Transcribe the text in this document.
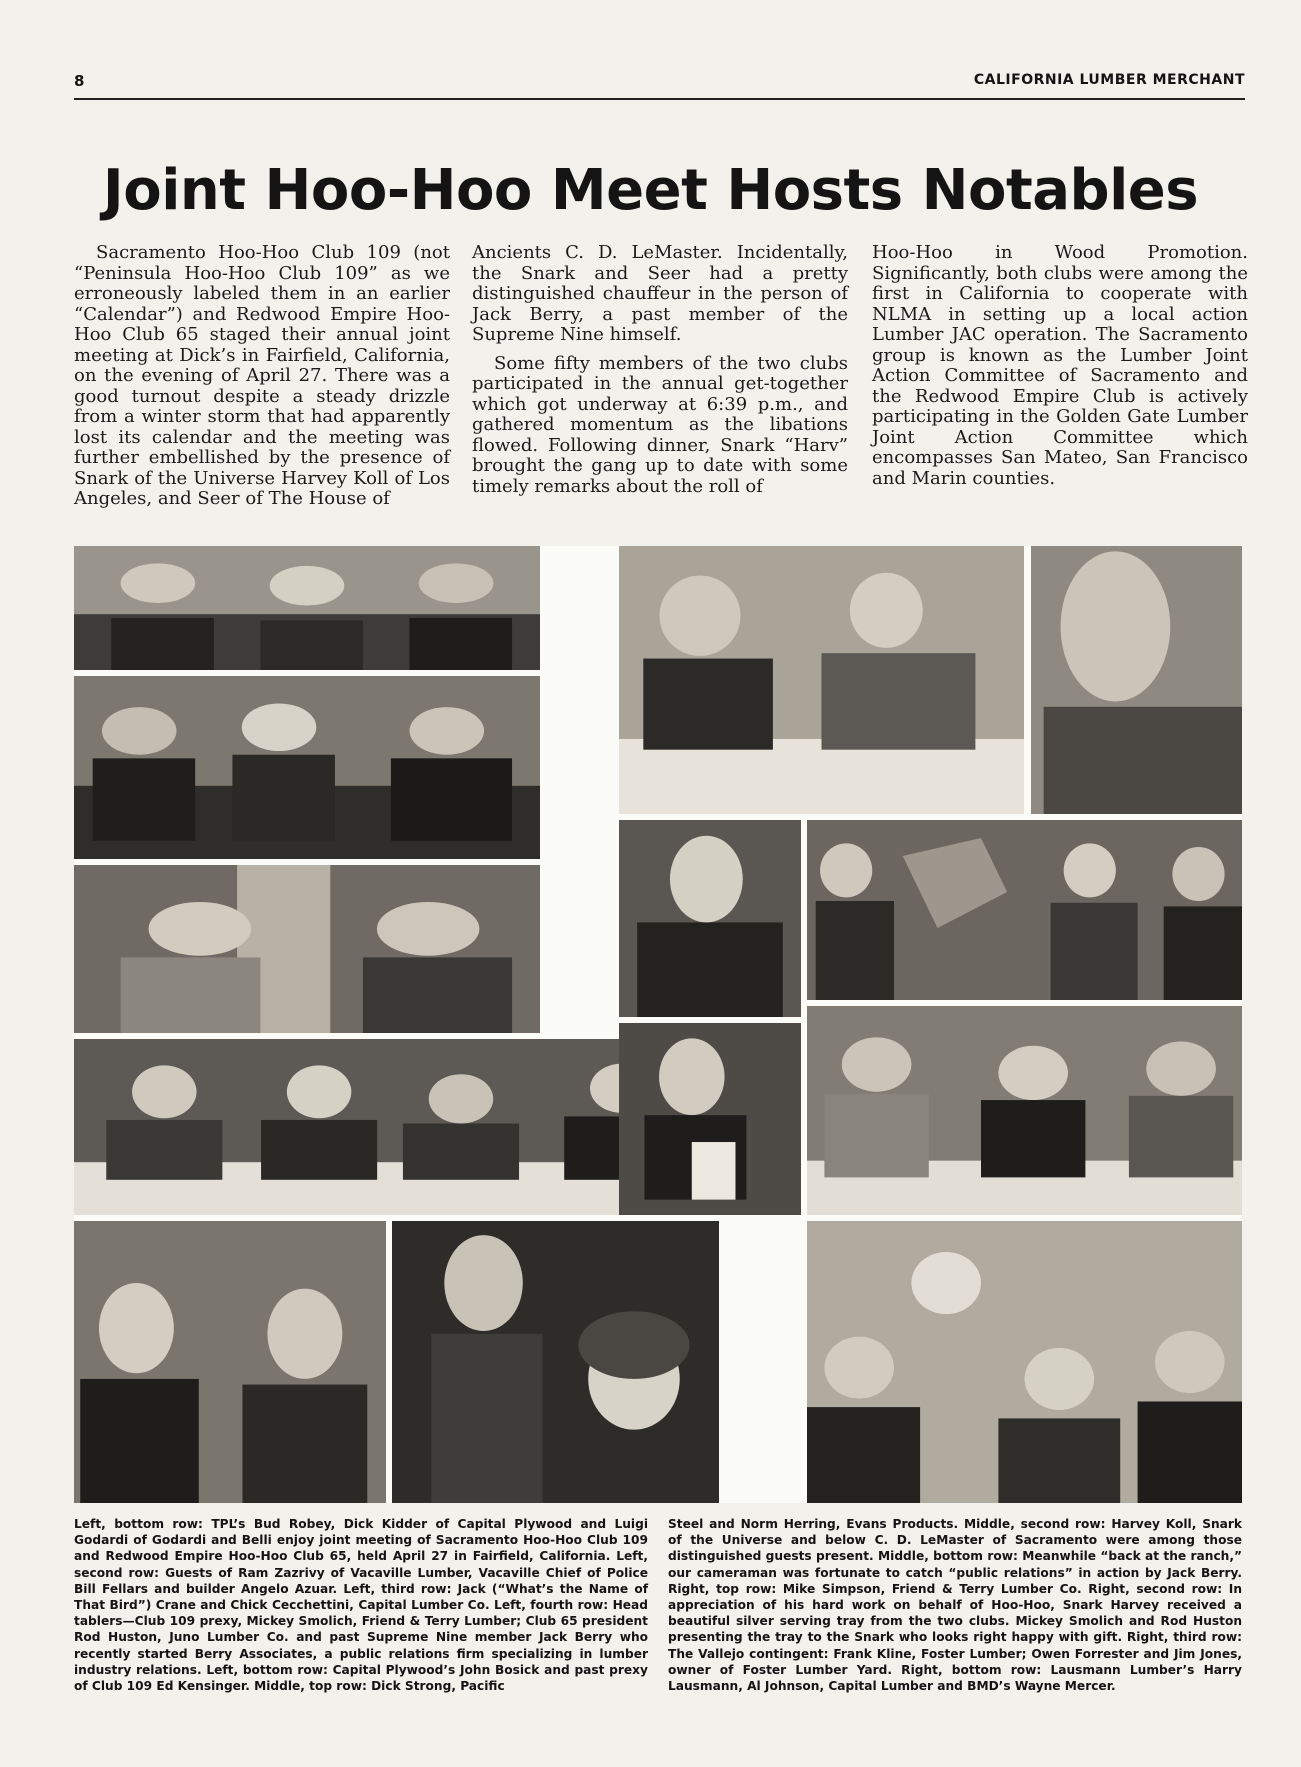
8	CALIFORNIA LUMBER MERCHANT
Joint Hoo-Hoo Meet Hosts Notables

Sacramento Hoo-Hoo Club 109 (not “Peninsula Hoo-Hoo Club 109” as we erroneously labeled them in an earlier “Calendar”) and Redwood Empire Hoo-Hoo Club 65 staged their annual joint meeting at Dick’s in Fairfield, California, on the evening of April 27. There was a good turnout despite a steady drizzle from a winter storm that had apparently lost its calendar and the meeting was further embellished by the presence of Snark of the Universe Harvey Koll of Los Angeles, and Seer of The House of

Ancients C. D. LeMaster. Incidentally, the Snark and Seer had a pretty distinguished chauffeur in the person of Jack Berry, a past member of the Supreme Nine himself.

Some fifty members of the two clubs participated in the annual get-together which got underway at 6:39 p.m., and gathered momentum as the libations flowed. Following dinner, Snark “Harv” brought the gang up to date with some timely remarks about the roll of

Hoo-Hoo in Wood Promotion. Significantly, both clubs were among the first in California to cooperate with NLMA in setting up a local action Lumber JAC operation. The Sacramento group is known as the Lumber Joint Action Committee of Sacramento and the Redwood Empire Club is actively participating in the Golden Gate Lumber Joint Action Committee which encompasses San Mateo, San Francisco and Marin counties.

Left, bottom row: TPL’s Bud Robey, Dick Kidder of Capital Plywood and Luigi Godardi of Godardi and Belli enjoy joint meeting of Sacramento Hoo-Hoo Club 109 and Redwood Empire Hoo-Hoo Club 65, held April 27 in Fairfield, California. Left, second row: Guests of Ram Zazrivy of Vacaville Lumber, Vacaville Chief of Police Bill Fellars and builder Angelo Azuar. Left, third row: Jack (“What’s the Name of That Bird”) Crane and Chick Cecchettini, Capital Lumber Co. Left, fourth row: Head tablers—Club 109 prexy, Mickey Smolich, Friend & Terry Lumber; Club 65 president Rod Huston, Juno Lumber Co. and past Supreme Nine member Jack Berry who recently started Berry Associates, a public relations firm specializing in lumber industry relations. Left, bottom row: Capital Plywood’s John Bosick and past prexy of Club 109 Ed Kensinger. Middle, top row: Dick Strong, Pacific

Steel and Norm Herring, Evans Products. Middle, second row: Harvey Koll, Snark of the Universe and below C. D. LeMaster of Sacramento were among those distinguished guests present. Middle, bottom row: Meanwhile “back at the ranch,” our cameraman was fortunate to catch “public relations” in action by Jack Berry. Right, top row: Mike Simpson, Friend & Terry Lumber Co. Right, second row: In appreciation of his hard work on behalf of Hoo-Hoo, Snark Harvey received a beautiful silver serving tray from the two clubs. Mickey Smolich and Rod Huston presenting the tray to the Snark who looks right happy with gift. Right, third row: The Vallejo contingent: Frank Kline, Foster Lumber; Owen Forrester and Jim Jones, owner of Foster Lumber Yard. Right, bottom row: Lausmann Lumber’s Harry Lausmann, Al Johnson, Capital Lumber and BMD’s Wayne Mercer.
